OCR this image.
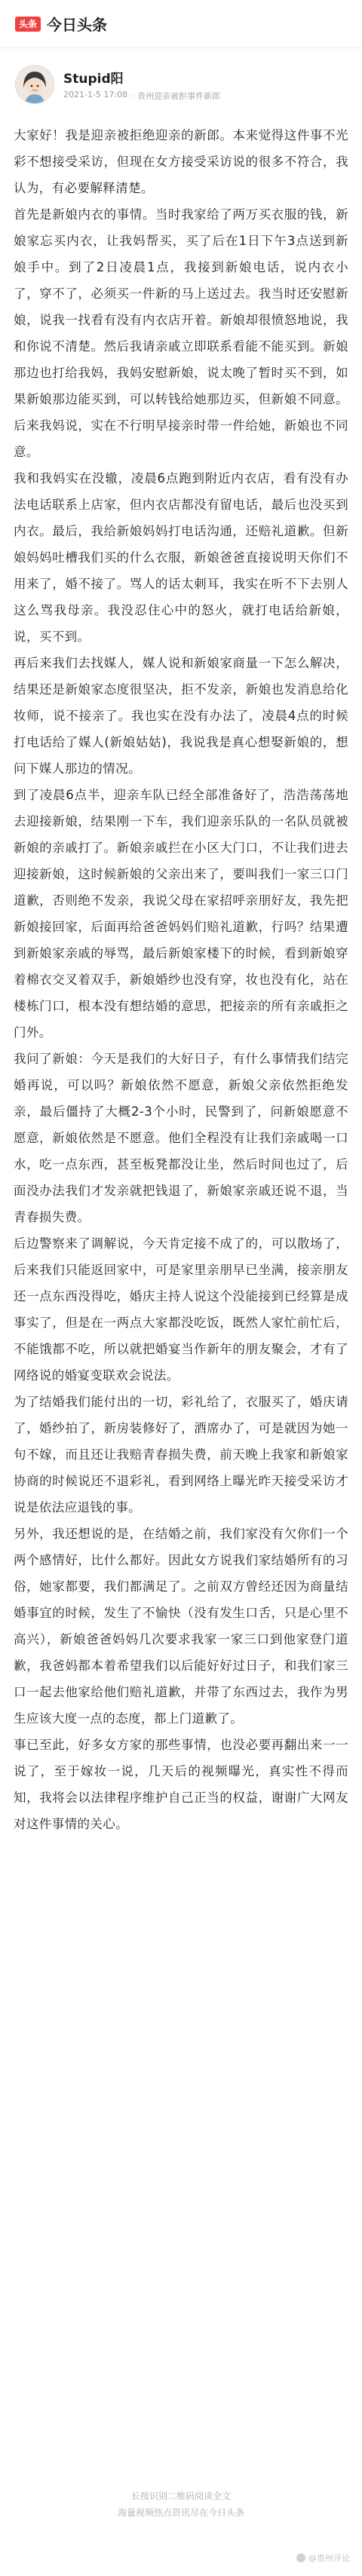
头条 今日头条
Stupid阳
2021-1-5 17:08 · 贵州迎亲被拒事件新郎

大家好！我是迎亲被拒绝迎亲的新郎。本来觉得这件事不光彩不想接受采访，但现在女方接受采访说的很多不符合，我认为，有必要解释清楚。

首先是新娘内衣的事情。当时我家给了两万买衣服的钱，新娘家忘买内衣，让我妈帮买，买了后在1日下午3点送到新娘手中。到了2日凌晨1点，我接到新娘电话，说内衣小了，穿不了，必须买一件新的马上送过去。我当时还安慰新娘，说我一找看有没有内衣店开着。新娘却很愤怒地说，我和你说不清楚。然后我请亲戚立即联系看能不能买到。新娘那边也打给我妈，我妈安慰新娘，说太晚了暂时买不到，如果新娘那边能买到，可以转钱给她那边买，但新娘不同意。后来我妈说，实在不行明早接亲时带一件给她，新娘也不同意。

我和我妈实在没辙，凌晨6点跑到附近内衣店，看有没有办法电话联系上店家，但内衣店都没有留电话，最后也没买到内衣。最后，我给新娘妈妈打电话沟通，还赔礼道歉。但新娘妈妈吐槽我们买的什么衣服，新娘爸爸直接说明天你们不用来了，婚不接了。骂人的话太刺耳，我实在听不下去别人这么骂我母亲。我没忍住心中的怒火，就打电话给新娘，说，买不到。

再后来我们去找媒人，媒人说和新娘家商量一下怎么解决，结果还是新娘家态度很坚决，拒不发亲，新娘也发消息给化妆师，说不接亲了。我也实在没有办法了，凌晨4点的时候打电话给了媒人(新娘姑姑)，我说我是真心想娶新娘的，想问下媒人那边的情况。

到了凌晨6点半，迎亲车队已经全部准备好了，浩浩荡荡地去迎接新娘，结果刚一下车，我们迎亲乐队的一名队员就被新娘的亲戚打了。新娘亲戚拦在小区大门口，不让我们进去迎接新娘，这时候新娘的父亲出来了，要叫我们一家三口门道歉，否则绝不发亲，我说父母在家招呼亲朋好友，我先把新娘接回家，后面再给爸爸妈妈们赔礼道歉，行吗？结果遭到新娘家亲戚的辱骂，最后新娘家楼下的时候，看到新娘穿着棉衣交叉着双手，新娘婚纱也没有穿，妆也没有化，站在楼栋门口，根本没有想结婚的意思，把接亲的所有亲戚拒之门外。

我问了新娘：今天是我们的大好日子，有什么事情我们结完婚再说，可以吗？新娘依然不愿意，新娘父亲依然拒绝发亲，最后僵持了大概2-3个小时，民警到了，问新娘愿意不愿意，新娘依然是不愿意。他们全程没有让我们亲戚喝一口水，吃一点东西，甚至板凳都没让坐，然后时间也过了，后面没办法我们才发亲就把钱退了，新娘家亲戚还说不退，当青春损失费。

后边警察来了调解说，今天肯定接不成了的，可以散场了，后来我们只能返回家中，可是家里亲朋早已坐满，接亲朋友还一点东西没得吃，婚庆主持人说这个没能接到已经算是成事实了，但是在一两点大家都没吃饭，既然人家忙前忙后，不能饿都不吃，所以就把婚宴当作新年的朋友聚会，才有了网络说的婚宴变联欢会说法。

为了结婚我们能付出的一切，彩礼给了，衣服买了，婚庆请了，婚纱拍了，新房装修好了，酒席办了，可是就因为她一句不嫁，而且还让我赔青春损失费，前天晚上我家和新娘家协商的时候说还不退彩礼，看到网络上曝光昨天接受采访才说是依法应退钱的事。

另外，我还想说的是，在结婚之前，我们家没有欠你们一个两个感情好，比什么都好。因此女方说我们家结婚所有的习俗，她家都要，我们都满足了。之前双方曾经还因为商量结婚事宜的时候，发生了不愉快（没有发生口舌，只是心里不高兴），新娘爸爸妈妈几次要求我家一家三口到他家登门道歉，我爸妈都本着希望我们以后能好好过日子，和我们家三口一起去他家给他们赔礼道歉，并带了东西过去，我作为男生应该大度一点的态度，都上门道歉了。

事已至此，好多女方家的那些事情，也没必要再翻出来一一说了，至于嫁妆一说，几天后的视频曝光，真实性不得而知，我将会以法律程序维护自己正当的权益，谢谢广大网友对这件事情的关心。

长按识别二维码阅读全文
海量视频热点资讯尽在今日头条
@贵州评论
